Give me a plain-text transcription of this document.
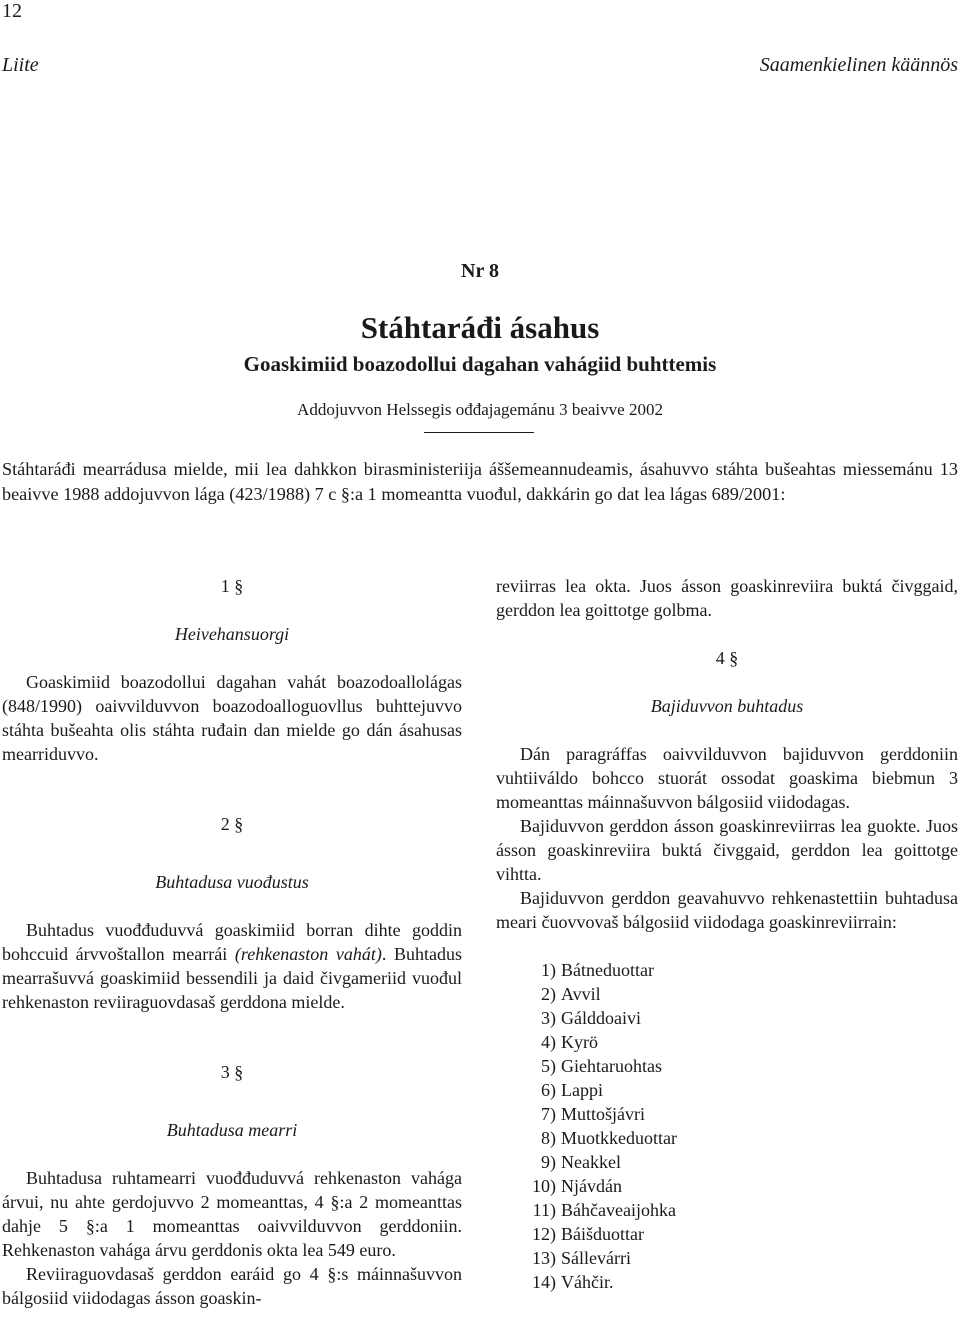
12
Liite	Saamenkielinen käännös
Nr 8
Stáhtaráđi ásahus
Goaskimiid boazodollui dagahan vahágiid buhttemis
Addojuvvon Helssegis ođđajagemánu 3 beaivve 2002
Stáhtaráđi mearrádusa mielde, mii lea dahkkon birasministeriija áššemeannudeamis, ásahuvvo stáhta bušeahtas miessemánu 13 beaivve 1988 addojuvvon lága (423/1988) 7 c §:a 1 momeantta vuođul, dakkárin go dat lea lágas 689/2001:
1 §
Heivehansuorgi

Goaskimiid boazodollui dagahan vahát boazodoallolágas (848/1990) oaivvilduvvon boazodoalloguovllus buhttejuvvo stáhta bušeahta olis stáhta ruđain dan mielde go dán ásahusas mearriduvvo.

2 §
Buhtadusa vuođustus

Buhtadus vuođđuduvvá goaskimiid borran dihte goddin bohccuid árvvoštallon mearrái (rehkenaston vahát). Buhtadus mearrašuvvá goaskimiid bessendili ja daid čivgameriid vuođul rehkenaston reviiraguovdasaš gerddona mielde.

3 §
Buhtadusa mearri

Buhtadusa ruhtamearri vuođđuduvvá rehkenaston vahága árvui, nu ahte gerdojuvvo 2 momeanttas, 4 §:a 2 momeanttas dahje 5 §:a 1 momeanttas oaivvilduvvon gerddoniin. Rehkenaston vahága árvu gerddonis okta lea 549 euro.

Reviiraguovdasaš gerddon earáid go 4 §:s máinnašuvvon bálgosiid viidodagas ásson goaskin-

reviirras lea okta. Juos ásson goaskinreviira buktá čivggaid, gerddon lea goittotge golbma.

4 §
Bajiduvvon buhtadus

Dán paragráffas oaivvilduvvon bajiduvvon gerddoniin vuhtiiváldo bohcco stuorát ossodat goaskima biebmun 3 momeanttas máinnašuvvon bálgosiid viidodagas.

Bajiduvvon gerddon ásson goaskinreviirras lea guokte. Juos ásson goaskinreviira buktá čivggaid, gerddon lea goittotge vihtta.

Bajiduvvon gerddon geavahuvvo rehkenastettiin buhtadusa meari čuovvovaš bálgosiid viidodaga goaskinreviirrain:

1) Bátneduottar
2) Avvil
3) Gálddoaivi
4) Kyrö
5) Giehtaruohtas
6) Lappi
7) Muttošjávri
8) Muotkkeduottar
9) Neakkel
10) Njávdán
11) Báhčaveaijohka
12) Báišduottar
13) Sállevárri
14) Váhčir.
